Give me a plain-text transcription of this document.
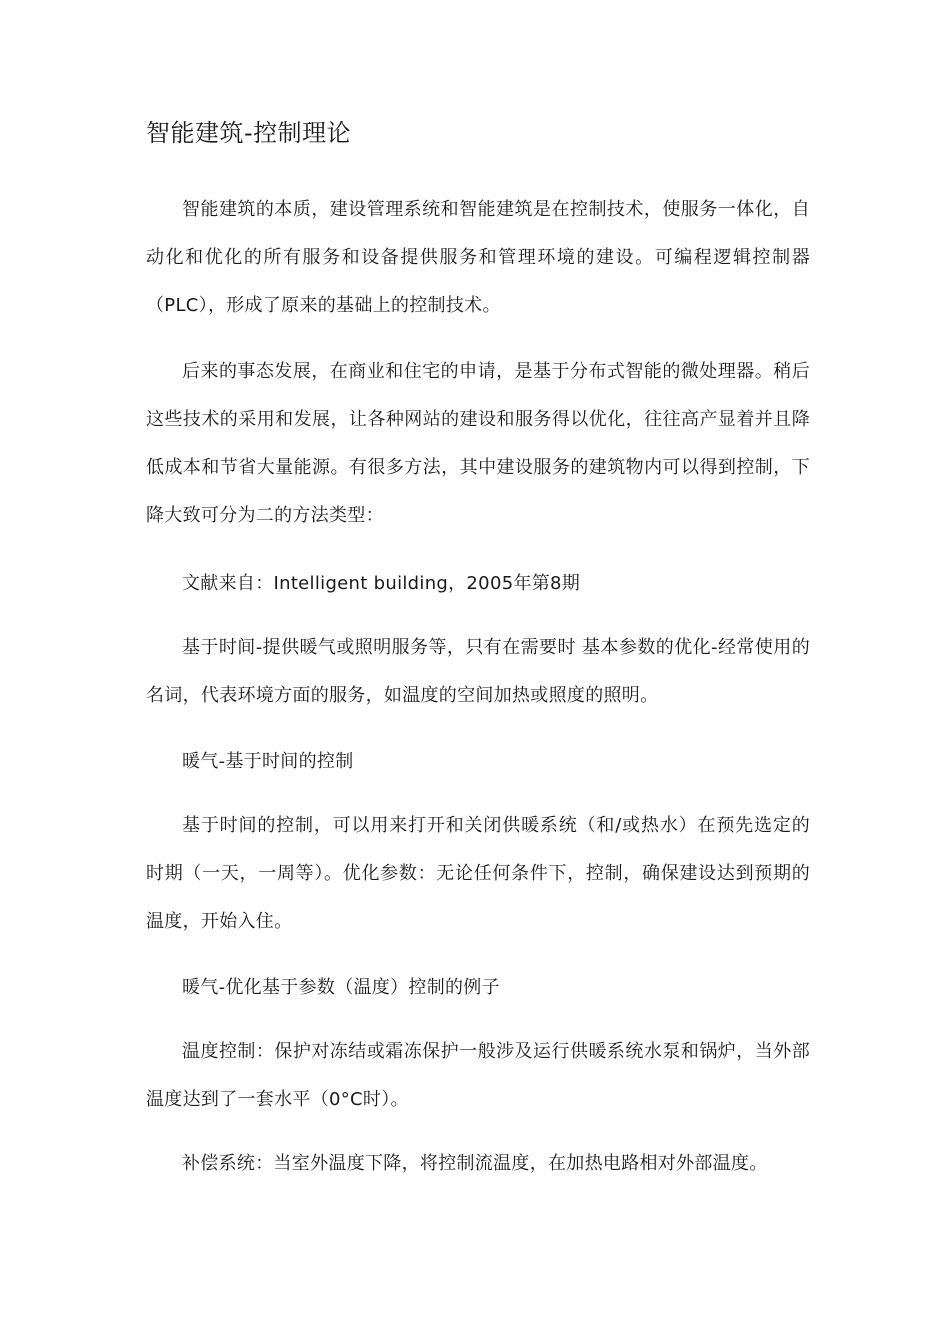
智能建筑-控制理论

智能建筑的本质，建设管理系统和智能建筑是在控制技术，使服务一体化，自动化和优化的所有服务和设备提供服务和管理环境的建设。可编程逻辑控制器（PLC），形成了原来的基础上的控制技术。

后来的事态发展，在商业和住宅的申请，是基于分布式智能的微处理器。稍后这些技术的采用和发展，让各种网站的建设和服务得以优化，往往高产显着并且降低成本和节省大量能源。有很多方法，其中建设服务的建筑物内可以得到控制，下降大致可分为二的方法类型：

文献来自：Intelligent building，2005年第8期

基于时间-提供暖气或照明服务等，只有在需要时 基本参数的优化-经常使用的名词，代表环境方面的服务，如温度的空间加热或照度的照明。

暖气-基于时间的控制

基于时间的控制，可以用来打开和关闭供暖系统（和/或热水）在预先选定的时期（一天，一周等）。优化参数：无论任何条件下，控制，确保建设达到预期的温度，开始入住。

暖气-优化基于参数（温度）控制的例子

温度控制：保护对冻结或霜冻保护一般涉及运行供暖系统水泵和锅炉，当外部温度达到了一套水平（0°C时）。

补偿系统：当室外温度下降，将控制流温度，在加热电路相对外部温度。
